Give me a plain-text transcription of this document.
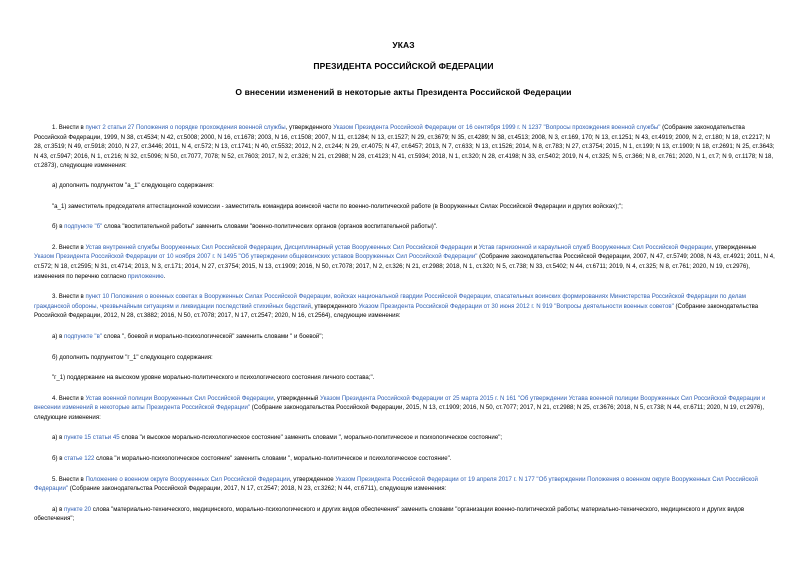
УКАЗ
ПРЕЗИДЕНТА РОССИЙСКОЙ ФЕДЕРАЦИИ
О внесении изменений в некоторые акты Президента Российской Федерации

1. Внести в пункт 2 статьи 27 Положения о порядке прохождения военной службы, утвержденного Указом Президента Российской Федерации от 16 сентября 1999 г. N 1237 "Вопросы прохождения военной службы" (Собрание законодательства Российской Федерации, 1999, N 38, ст.4534; N 42, ст.5008; 2000, N 16, ст.1678; 2003, N 16, ст.1508; 2007, N 11, ст.1284; N 13, ст.1527; N 29, ст.3679; N 35, ст.4289; N 38, ст.4513; 2008, N 3, ст.169, 170; N 13, ст.1251; N 43, ст.4919; 2009, N 2, ст.180; N 18, ст.2217; N 28, ст.3519; N 49, ст.5918; 2010, N 27, ст.3446; 2011, N 4, ст.572; N 13, ст.1741; N 40, ст.5532; 2012, N 2, ст.244; N 29, ст.4075; N 47, ст.6457; 2013, N 7, ст.633; N 13, ст.1526; 2014, N 8, ст.783; N 27, ст.3754; 2015, N 1, ст.199; N 13, ст.1909; N 18, ст.2691; N 25, ст.3643; N 43, ст.5947; 2016, N 1, ст.216; N 32, ст.5096; N 50, ст.7077, 7078; N 52, ст.7603; 2017, N 2, ст.326; N 21, ст.2988; N 28, ст.4123; N 41, ст.5934; 2018, N 1, ст.320; N 28, ст.4198; N 33, ст.5402; 2019, N 4, ст.325; N 5, ст.366; N 8, ст.761; 2020, N 1, ст.7; N 9, ст.1178; N 18, ст.2873), следующие изменения:

а) дополнить подпунктом "а_1" следующего содержания:

"а_1) заместитель председателя аттестационной комиссии - заместитель командира воинской части по военно-политической работе (в Вооруженных Силах Российской Федерации и других войсках);";

б) в подпункте "б" слова "воспитательной работы" заменить словами "военно-политических органов (органов воспитательной работы)".

2. Внести в Устав внутренней службы Вооруженных Сил Российской Федерации, Дисциплинарный устав Вооруженных Сил Российской Федерации и Устав гарнизонной и караульной служб Вооруженных Сил Российской Федерации, утвержденные Указом Президента Российской Федерации от 10 ноября 2007 г. N 1495 "Об утверждении общевоинских уставов Вооруженных Сил Российской Федерации" (Собрание законодательства Российской Федерации, 2007, N 47, ст.5749; 2008, N 43, ст.4921; 2011, N 4, ст.572; N 18, ст.2595; N 31, ст.4714; 2013, N 3, ст.171; 2014, N 27, ст.3754; 2015, N 13, ст.1909; 2016, N 50, ст.7078; 2017, N 2, ст.326; N 21, ст.2988; 2018, N 1, ст.320; N 5, ст.738; N 33, ст.5402; N 44, ст.6711; 2019, N 4, ст.325; N 8, ст.761; 2020, N 19, ст.2976), изменения по перечню согласно приложению.

3. Внести в пункт 10 Положения о военных советах в Вооруженных Силах Российской Федерации, войсках национальной гвардии Российской Федерации, спасательных воинских формированиях Министерства Российской Федерации по делам гражданской обороны, чрезвычайным ситуациям и ликвидации последствий стихийных бедствий, утвержденного Указом Президента Российской Федерации от 30 июня 2012 г. N 919 "Вопросы деятельности военных советов" (Собрание законодательства Российской Федерации, 2012, N 28, ст.3882; 2016, N 50, ст.7078; 2017, N 17, ст.2547; 2020, N 16, ст.2564), следующие изменения:

а) в подпункте "в" слова ", боевой и морально-психологической" заменить словами " и боевой";

б) дополнить подпунктом "г_1" следующего содержания:

"г_1) поддержание на высоком уровне морально-политического и психологического состояния личного состава;".

4. Внести в Устав военной полиции Вооруженных Сил Российской Федерации, утвержденный Указом Президента Российской Федерации от 25 марта 2015 г. N 161 "Об утверждении Устава военной полиции Вооруженных Сил Российской Федерации и внесении изменений в некоторые акты Президента Российской Федерации" (Собрание законодательства Российской Федерации, 2015, N 13, ст.1909; 2016, N 50, ст.7077; 2017, N 21, ст.2988; N 25, ст.3676; 2018, N 5, ст.738; N 44, ст.6711; 2020, N 19, ст.2976), следующие изменения:

а) в пункте 15 статьи 45 слова "и высокое морально-психологическое состояние" заменить словами ", морально-политическое и психологическое состояние";

б) в статье 122 слова "и морально-психологическое состояние" заменить словами ", морально-политическое и психологическое состояние".

5. Внести в Положение о военном округе Вооруженных Сил Российской Федерации, утвержденное Указом Президента Российской Федерации от 19 апреля 2017 г. N 177 "Об утверждении Положения о военном округе Вооруженных Сил Российской Федерации" (Собрание законодательства Российской Федерации, 2017, N 17, ст.2547; 2018, N 23, ст.3262; N 44, ст.6711), следующие изменения:

а) в пункте 20 слова "материально-технического, медицинского, морально-психологического и других видов обеспечения" заменить словами "организации военно-политической работы; материально-технического, медицинского и других видов обеспечения";
